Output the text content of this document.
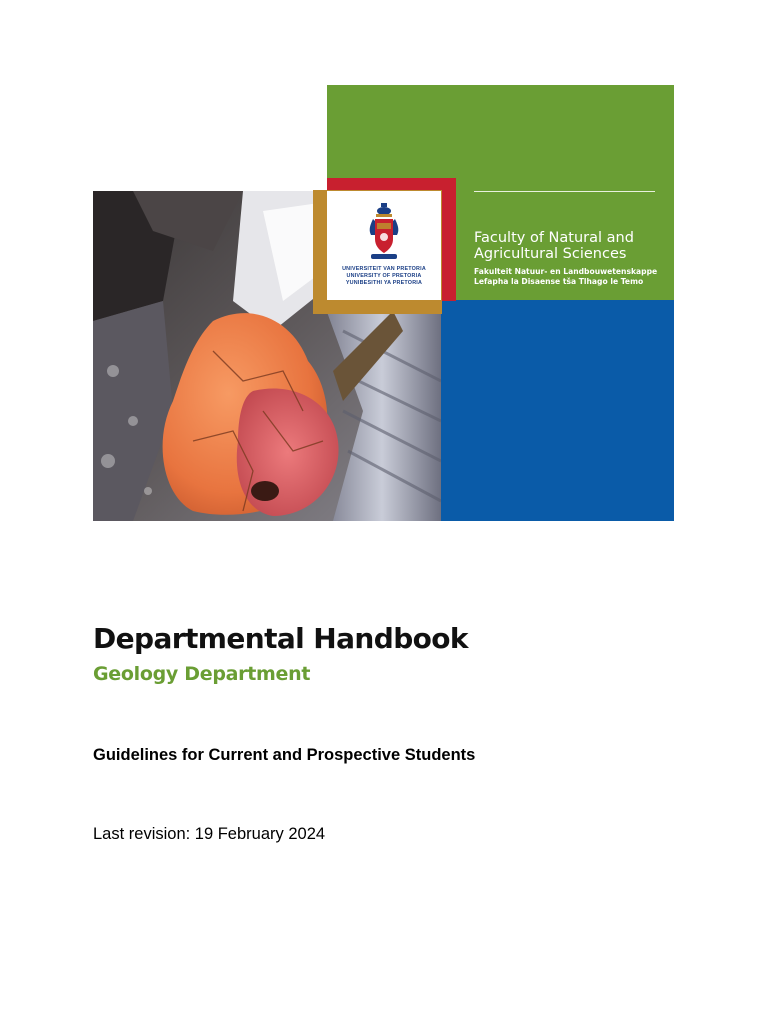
Faculty of Natural and Agricultural Sciences
Fakulteit Natuur- en Landbouwetenskappe
Lefapha la Disaense tša Tlhago le Temo
UNIVERSITEIT VAN PRETORIA
UNIVERSITY OF PRETORIA
YUNIBESITHI YA PRETORIA
Departmental Handbook
Geology Department
Guidelines for Current and Prospective Students
Last revision: 19 February 2024
